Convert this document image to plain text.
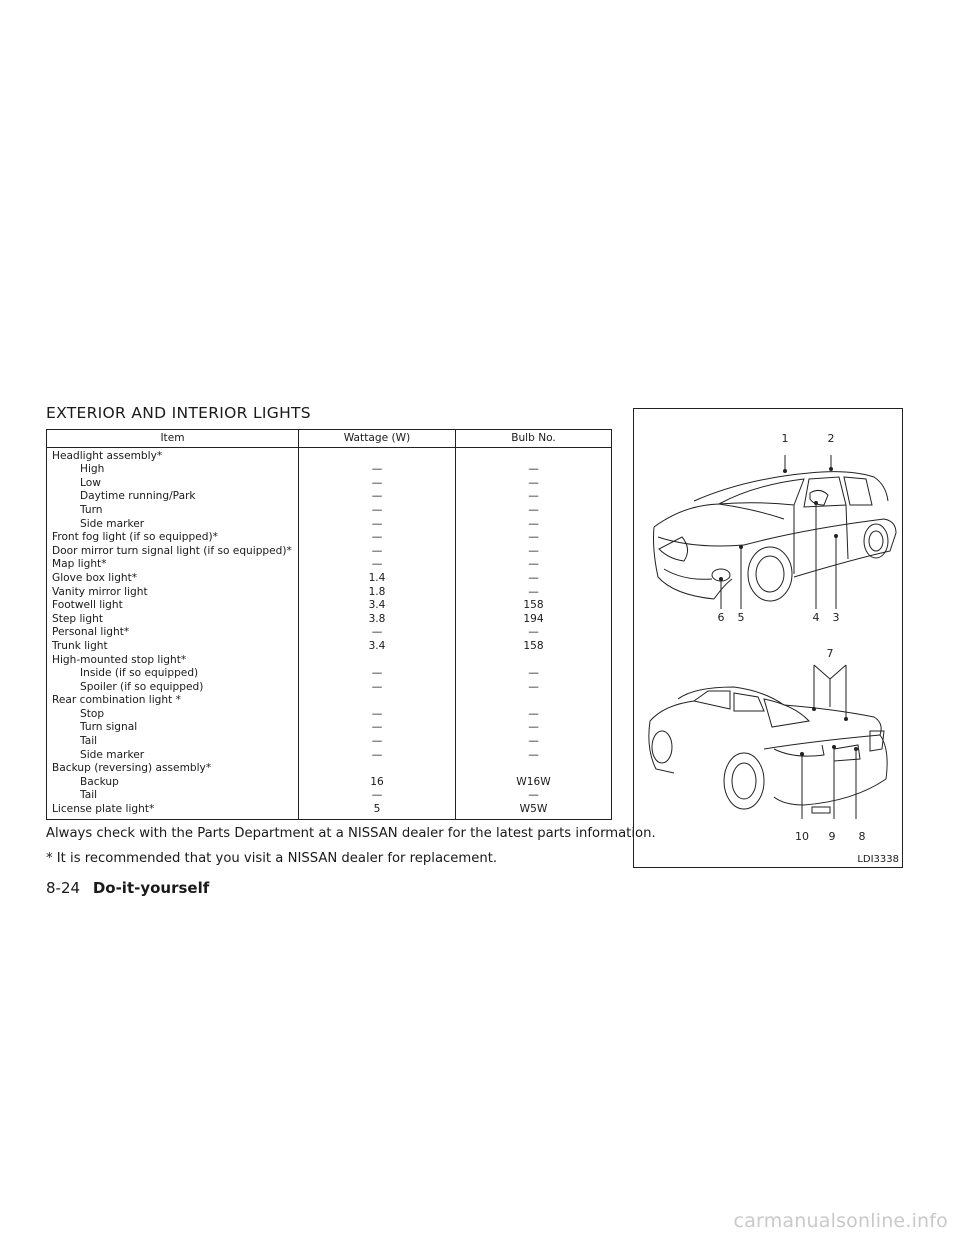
EXTERIOR AND INTERIOR LIGHTS
Item	Wattage (W)	Bulb No.
Headlight assembly*		
High	—	—
Low	—	—
Daytime running/Park	—	—
Turn	—	—
Side marker	—	—
Front fog light (if so equipped)*	—	—
Door mirror turn signal light (if so equipped)*	—	—
Map light*	—	—
Glove box light*	1.4	—
Vanity mirror light	1.8	—
Footwell light	3.4	158
Step light	3.8	194
Personal light*	—	—
Trunk light	3.4	158
High-mounted stop light*		
Inside (if so equipped)	—	—
Spoiler (if so equipped)	—	—
Rear combination light *		
Stop	—	—
Turn signal	—	—
Tail	—	—
Side marker	—	—
Backup (reversing) assembly*		
Backup	16	W16W
Tail	—	—
License plate light*	5	W5W

Always check with the Parts Department at a NISSAN dealer for the latest parts information.

* It is recommended that you visit a NISSAN dealer for replacement.

1	2
3
4
5
6
7
8
9
10
LDI3338
8-24 Do-it-yourself
carmanualsonline.info
